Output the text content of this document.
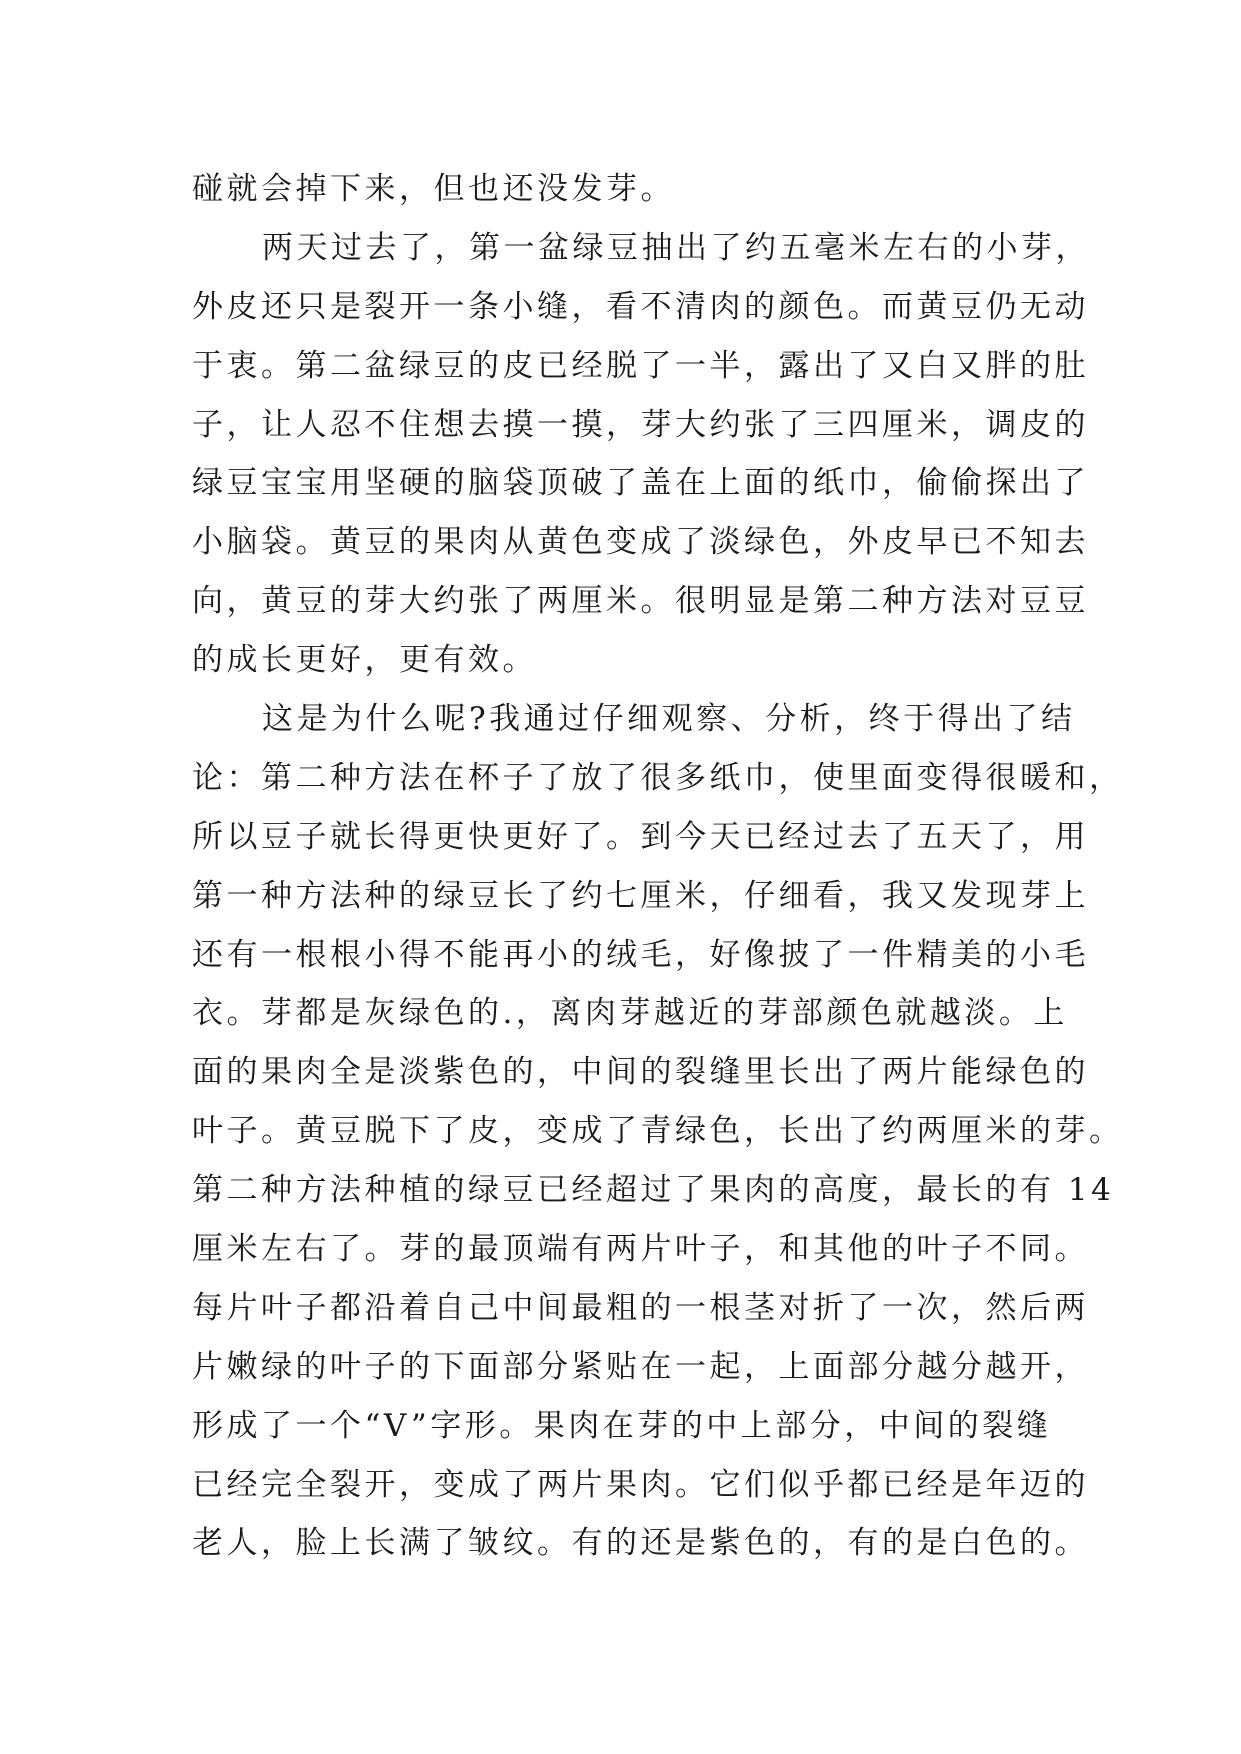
碰就会掉下来，但也还没发芽。
两天过去了，第一盆绿豆抽出了约五毫米左右的小芽，
外皮还只是裂开一条小缝，看不清肉的颜色。而黄豆仍无动
于衷。第二盆绿豆的皮已经脱了一半，露出了又白又胖的肚
子，让人忍不住想去摸一摸，芽大约张了三四厘米，调皮的
绿豆宝宝用坚硬的脑袋顶破了盖在上面的纸巾，偷偷探出了
小脑袋。黄豆的果肉从黄色变成了淡绿色，外皮早已不知去
向，黄豆的芽大约张了两厘米。很明显是第二种方法对豆豆
的成长更好，更有效。
这是为什么呢?我通过仔细观察、分析，终于得出了结
论：第二种方法在杯子了放了很多纸巾，使里面变得很暖和，
所以豆子就长得更快更好了。到今天已经过去了五天了，用
第一种方法种的绿豆长了约七厘米，仔细看，我又发现芽上
还有一根根小得不能再小的绒毛，好像披了一件精美的小毛
衣。芽都是灰绿色的.，离肉芽越近的芽部颜色就越淡。上
面的果肉全是淡紫色的，中间的裂缝里长出了两片能绿色的
叶子。黄豆脱下了皮，变成了青绿色，长出了约两厘米的芽。
第二种方法种植的绿豆已经超过了果肉的高度，最长的有 14
厘米左右了。芽的最顶端有两片叶子，和其他的叶子不同。
每片叶子都沿着自己中间最粗的一根茎对折了一次，然后两
片嫩绿的叶子的下面部分紧贴在一起，上面部分越分越开，
形成了一个“V”字形。果肉在芽的中上部分，中间的裂缝
已经完全裂开，变成了两片果肉。它们似乎都已经是年迈的
老人，脸上长满了皱纹。有的还是紫色的，有的是白色的。
